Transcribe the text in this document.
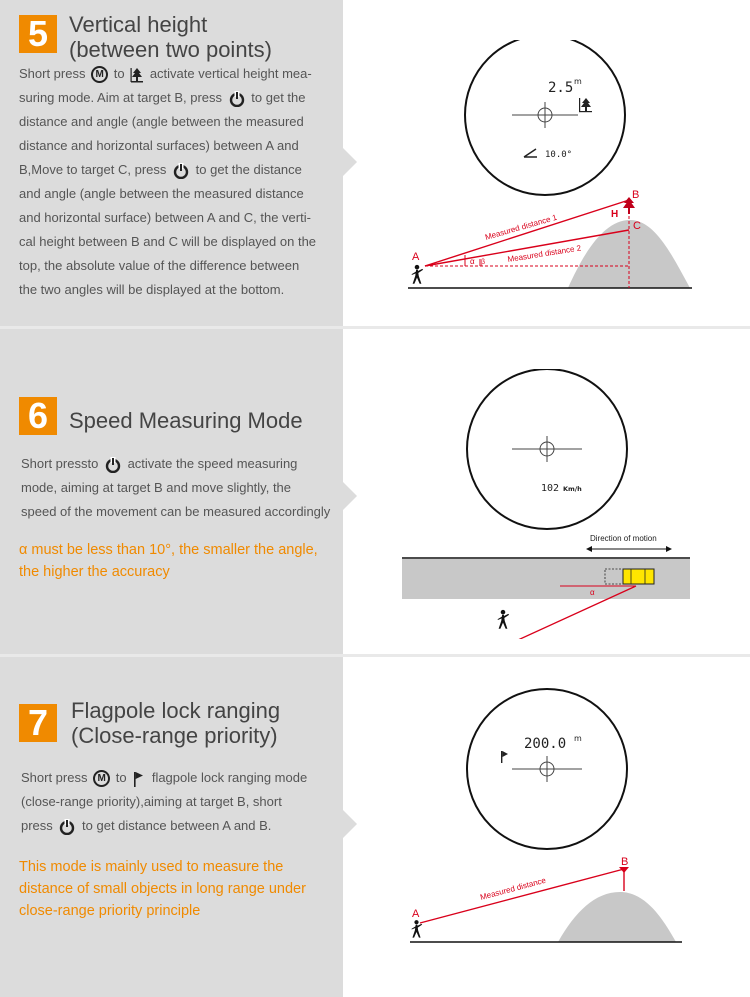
5 Vertical height
(between two points)
Short press M to activate vertical height mea-
suring mode. Aim at target B, press to get the
distance and angle (angle between the measured
distance and horizontal surfaces) between A and
B,Move to target C, press to get the distance
and angle (angle between the measured distance
and horizontal surface) between A and C, the verti-
cal height between B and C will be displayed on the
top, the absolute value of the difference between
the two angles will be displayed at the bottom.
2.5 m
10.0°
A
B
C
H
Measured distance 1
Measured distance 2
α β
6 Speed Measuring Mode
Short pressto activate the speed measuring
mode, aiming at target B and move slightly, the
speed of the movement can be measured accordingly
α must be less than 10°, the smaller the angle,
the higher the accuracy
102 Km/h
Direction of motion
α
7	Flagpole lock ranging
(Close-range priority)
Short press M to flagpole lock ranging mode
(close-range priority),aiming at target B, short
press to get distance between A and B.
This mode is mainly used to measure the
distance of small objects in long range under
close-range priority principle
200.0 m
A
B
Measured distance
